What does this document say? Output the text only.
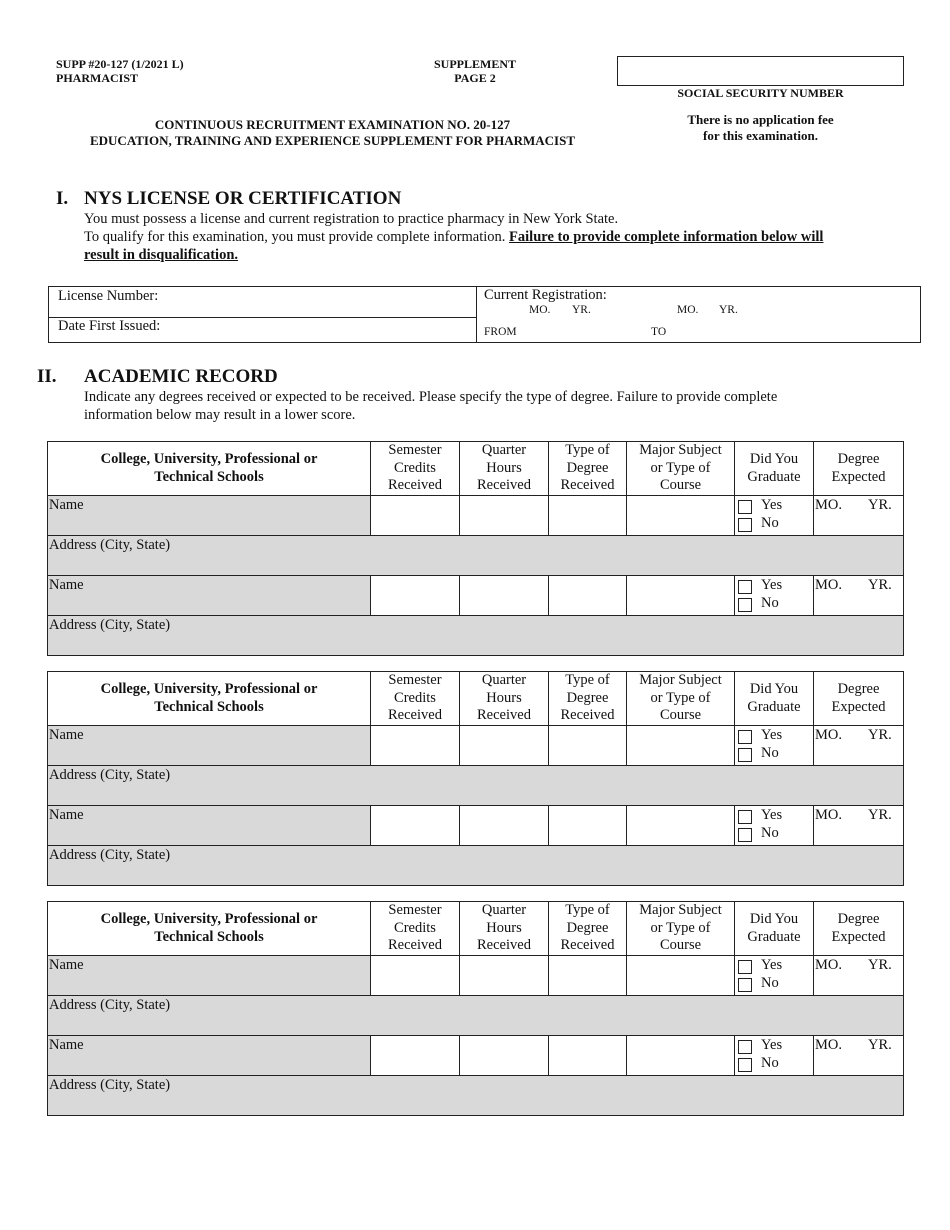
SUPP #20-127 (1/2021 L)
PHARMACIST
SUPPLEMENT
PAGE 2
SOCIAL SECURITY NUMBER
There is no application fee
for this examination.
CONTINUOUS RECRUITMENT EXAMINATION NO. 20-127
EDUCATION, TRAINING AND EXPERIENCE SUPPLEMENT FOR PHARMACIST
I. NYS LICENSE OR CERTIFICATION
You must possess a license and current registration to practice pharmacy in New York State.
To qualify for this examination, you must provide complete information. Failure to provide complete information below will
result in disqualification.
License Number:
Date First Issued:
Current Registration:
MO. YR.	MO. YR.
FROM	TO
II. ACADEMIC RECORD
Indicate any degrees received or expected to be received. Please specify the type of degree. Failure to provide complete
information below may result in a lower score.
College, University, Professional or
Technical Schools	Semester
Credits
Received	Quarter
Hours
Received	Type of
Degree
Received	Major Subject
or Type of
Course	Did You
Graduate	Degree
Expected

Name					Yes
No	MO. YR.

Address (City, State)						

Name					Yes
No	MO. YR.

Address (City, State)						
College, University, Professional or
Technical Schools	Semester
Credits
Received	Quarter
Hours
Received	Type of
Degree
Received	Major Subject
or Type of
Course	Did You
Graduate	Degree
Expected

Name					Yes
No	MO. YR.

Address (City, State)						

Name					Yes
No	MO. YR.

Address (City, State)						
College, University, Professional or
Technical Schools	Semester
Credits
Received	Quarter
Hours
Received	Type of
Degree
Received	Major Subject
or Type of
Course	Did You
Graduate	Degree
Expected

Name					Yes
No	MO. YR.

Address (City, State)						

Name					Yes
No	MO. YR.

Address (City, State)						
